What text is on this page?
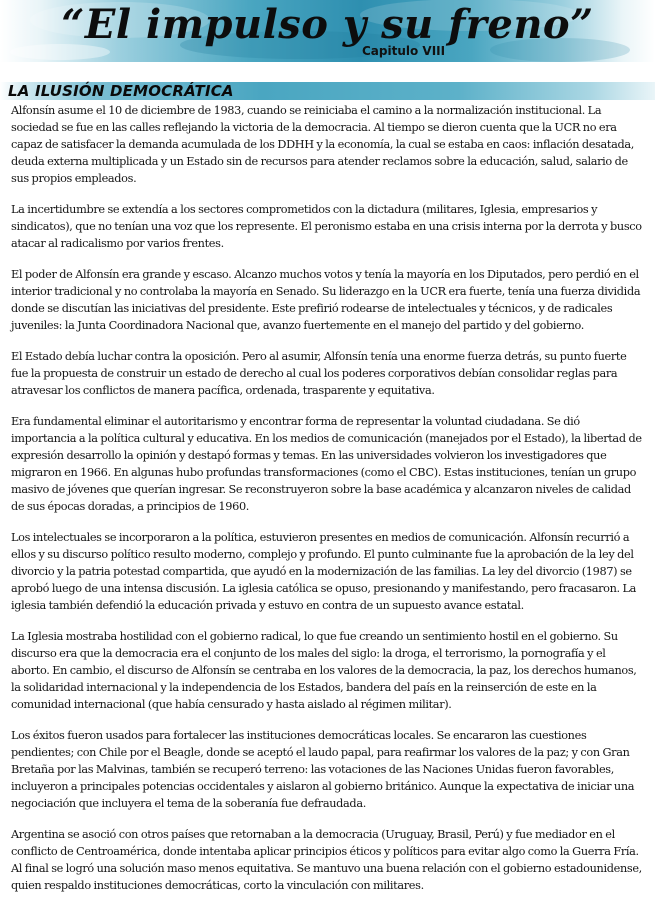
“El impulso y su freno”
Capitulo VIII
LA ILUSIÓN DEMOCRÁTICA

Alfonsín asume el 10 de diciembre de 1983, cuando se reiniciaba el camino a la normalización institucional. La sociedad se fue en las calles reflejando la victoria de la democracia. Al tiempo se dieron cuenta que la UCR no era capaz de satisfacer la demanda acumulada de los DDHH y la economía, la cual se estaba en caos: inflación desatada, deuda externa multiplicada y un Estado sin de recursos para atender reclamos sobre la educación, salud, salario de sus propios empleados.

La incertidumbre se extendía a los sectores comprometidos con la dictadura (militares, Iglesia, empresarios y sindicatos), que no tenían una voz que los represente. El peronismo estaba en una crisis interna por la derrota y busco atacar al radicalismo por varios frentes.

El poder de Alfonsín era grande y escaso. Alcanzo muchos votos y tenía la mayoría en los Diputados, pero perdió en el interior tradicional y no controlaba la mayoría en Senado. Su liderazgo en la UCR era fuerte, tenía una fuerza dividida donde se discutían las iniciativas del presidente. Este prefirió rodearse de intelectuales y técnicos, y de radicales juveniles: la Junta Coordinadora Nacional que, avanzo fuertemente en el manejo del partido y del gobierno.

El Estado debía luchar contra la oposición. Pero al asumir, Alfonsín tenía una enorme fuerza detrás, su punto fuerte fue la propuesta de construir un estado de derecho al cual los poderes corporativos debían consolidar reglas para atravesar los conflictos de manera pacífica, ordenada, trasparente y equitativa.

Era fundamental eliminar el autoritarismo y encontrar forma de representar la voluntad ciudadana. Se dió importancia a la política cultural y educativa. En los medios de comunicación (manejados por el Estado), la libertad de expresión desarrollo la opinión y destapó formas y temas. En las universidades volvieron los investigadores que migraron en 1966. En algunas hubo profundas transformaciones (como el CBC). Estas instituciones, tenían un grupo masivo de jóvenes que querían ingresar. Se reconstruyeron sobre la base académica y alcanzaron niveles de calidad de sus épocas doradas, a principios de 1960.

Los intelectuales se incorporaron a la política, estuvieron presentes en medios de comunicación. Alfonsín recurrió a ellos y su discurso político resulto moderno, complejo y profundo. El punto culminante fue la aprobación de la ley del divorcio y la patria potestad compartida, que ayudó en la modernización de las familias. La ley del divorcio (1987) se aprobó luego de una intensa discusión. La iglesia católica se opuso, presionando y manifestando, pero fracasaron. La iglesia también defendió la educación privada y estuvo en contra de un supuesto avance estatal.

La Iglesia mostraba hostilidad con el gobierno radical, lo que fue creando un sentimiento hostil en el gobierno. Su discurso era que la democracia era el conjunto de los males del siglo: la droga, el terrorismo, la pornografía y el aborto. En cambio, el discurso de Alfonsín se centraba en los valores de la democracia, la paz, los derechos humanos, la solidaridad internacional y la independencia de los Estados, bandera del país en la reinserción de este en la comunidad internacional (que había censurado y hasta aislado al régimen militar).

Los éxitos fueron usados para fortalecer las instituciones democráticas locales. Se encararon las cuestiones pendientes; con Chile por el Beagle, donde se aceptó el laudo papal, para reafirmar los valores de la paz; y con Gran Bretaña por las Malvinas, también se recuperó terreno: las votaciones de las Naciones Unidas fueron favorables, incluyeron a principales potencias occidentales y aislaron al gobierno británico. Aunque la expectativa de iniciar una negociación que incluyera el tema de la soberanía fue defraudada.

Argentina se asoció con otros países que retornaban a la democracia (Uruguay, Brasil, Perú) y fue mediador en el conflicto de Centroamérica, donde intentaba aplicar principios éticos y políticos para evitar algo como la Guerra Fría. Al final se logró una solución maso menos equitativa. Se mantuvo una buena relación con el gobierno estadounidense, quien respaldo instituciones democráticas, corto la vinculación con militares.
